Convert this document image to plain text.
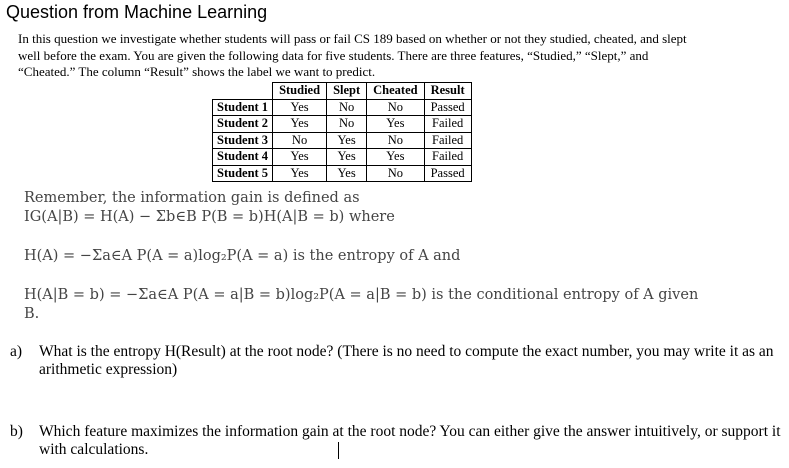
Question from Machine Learning
In this question we investigate whether students will pass or fail CS 189 based on whether or not they studied, cheated, and slept well before the exam. You are given the following data for five students. There are three features, “Studied,” “Slept,” and “Cheated.” The column “Result” shows the label we want to predict.
	Studied	Slept	Cheated	Result
Student 1	Yes	No	No	Passed
Student 2	Yes	No	Yes	Failed
Student 3	No	Yes	No	Failed
Student 4	Yes	Yes	Yes	Failed
Student 5	Yes	Yes	No	Passed
Remember, the information gain is defined as
IG(A|B) = H(A) − Σb∈B P(B = b)H(A|B = b) where
H(A) = −Σa∈A P(A = a)log₂P(A = a) is the entropy of A and
H(A|B = b) = −Σa∈A P(A = a|B = b)log₂P(A = a|B = b) is the conditional entropy of A given
B.
a) What is the entropy H(Result) at the root node? (There is no need to compute the exact number, you may write it as an arithmetic expression)
b) Which feature maximizes the information gain at the root node? You can either give the answer intuitively, or support it with calculations.
